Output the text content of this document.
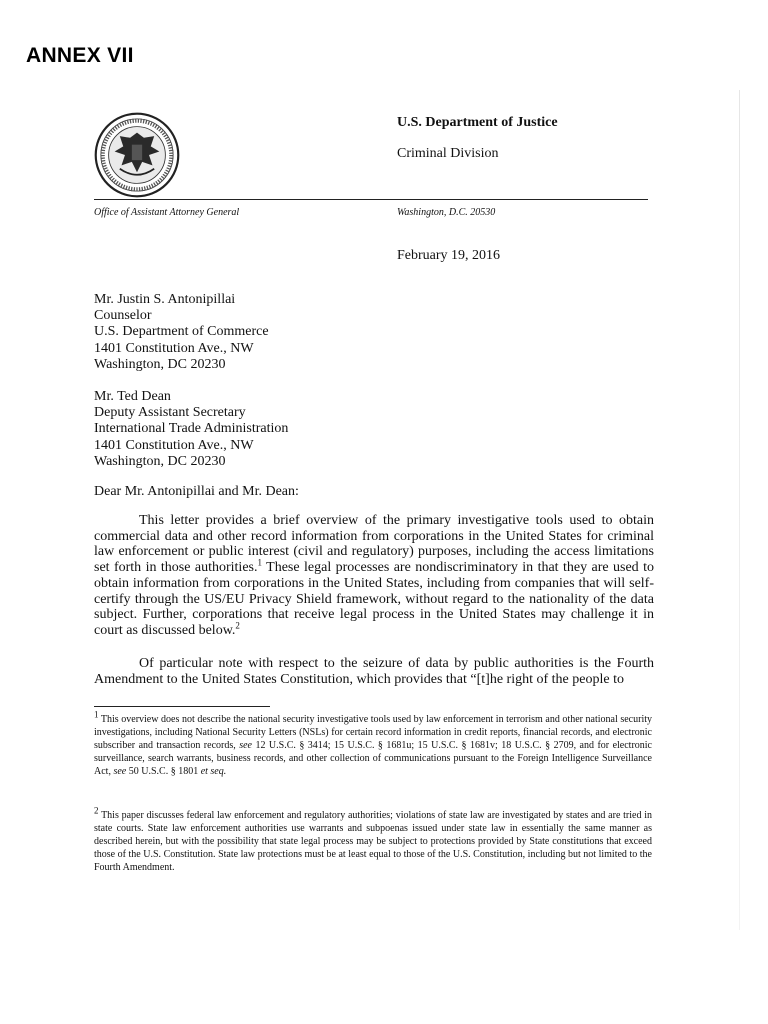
ANNEX VII
U.S. Department of Justice
Criminal Division
Office of Assistant Attorney General	Washington, D.C. 20530
February 19, 2016
Mr. Justin S. Antonipillai
Counselor
U.S. Department of Commerce
1401 Constitution Ave., NW
Washington, DC 20230
Mr. Ted Dean
Deputy Assistant Secretary
International Trade Administration
1401 Constitution Ave., NW
Washington, DC 20230
Dear Mr. Antonipillai and Mr. Dean:

This letter provides a brief overview of the primary investigative tools used to obtain commercial data and other record information from corporations in the United States for criminal law enforcement or public interest (civil and regulatory) purposes, including the access limitations set forth in those authorities.$^1$ These legal processes are nondiscriminatory in that they are used to obtain information from corporations in the United States, including from companies that will self-certify through the US/EU Privacy Shield framework, without regard to the nationality of the data subject. Further, corporations that receive legal process in the United States may challenge it in court as discussed below.$^2$

Of particular note with respect to the seizure of data by public authorities is the Fourth Amendment to the United States Constitution, which provides that “[t]he right of the people to

$^1$ This overview does not describe the national security investigative tools used by law enforcement in terrorism and other national security investigations, including National Security Letters (NSLs) for certain record information in credit reports, financial records, and electronic subscriber and transaction records, see 12 U.S.C. § 3414; 15 U.S.C. § 1681u; 15 U.S.C. § 1681v; 18 U.S.C. § 2709, and for electronic surveillance, search warrants, business records, and other collection of communications pursuant to the Foreign Intelligence Surveillance Act, see 50 U.S.C. § 1801 et seq.

$^2$ This paper discusses federal law enforcement and regulatory authorities; violations of state law are investigated by states and are tried in state courts. State law enforcement authorities use warrants and subpoenas issued under state law in essentially the same manner as described herein, but with the possibility that state legal process may be subject to protections provided by State constitutions that exceed those of the U.S. Constitution. State law protections must be at least equal to those of the U.S. Constitution, including but not limited to the Fourth Amendment.
